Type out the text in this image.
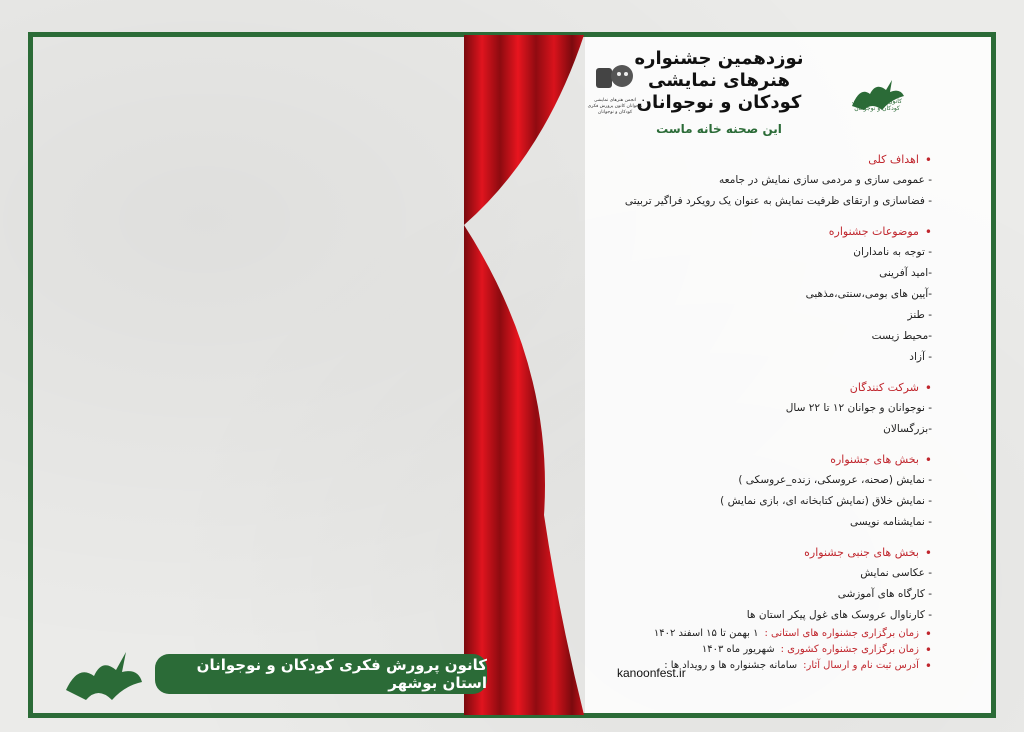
نوزدهمین جشنواره
هنرهای نمایشی
کودکان و نوجوانان
این صحنه خانه ماست
کانون پرورش فکری کودکان و نوجوانان
انجمن هنرهای نمایشی نوجوانان کانون پرورش فکری کودکان و نوجوانان
•
اهداف کلی
- عمومی سازی و مردمی سازی نمایش در جامعه
- فضاسازی و ارتقای ظرفیت نمایش به عنوان یک رویکرد فراگیر تربیتی
•
موضوعات جشنواره
- توجه به نامداران
-امید آفرینی
-آیین های بومی،سنتی،مذهبی
- طنز
-محیط زیست
- آزاد
•
شرکت کنندگان
- نوجوانان و جوانان ۱۲ تا ۲۲ سال
-بزرگسالان
•
بخش های جشنواره
- نمایش (صحنه، عروسکی، زنده_عروسکی )
- نمایش خلاق (نمایش کتابخانه ای، بازی نمایش )
- نمایشنامه نویسی
•
بخش های جنبی جشنواره
- عکاسی نمایش
- کارگاه های آموزشی
- کارناوال عروسک های غول پیکر استان ها
•
زمان برگزاری جشنواره های استانی :
۱ بهمن تا ۱۵ اسفند ۱۴۰۲
•
زمان برگزاری جشنواره کشوری :
شهریور ماه ۱۴۰۳
•
آدرس ثبت نام و ارسال آثار:
سامانه جشنواره ها و رویداد ها :
kanoonfest.ir
کانون پرورش فکری کودکان و نوجوانان استان بوشهر
